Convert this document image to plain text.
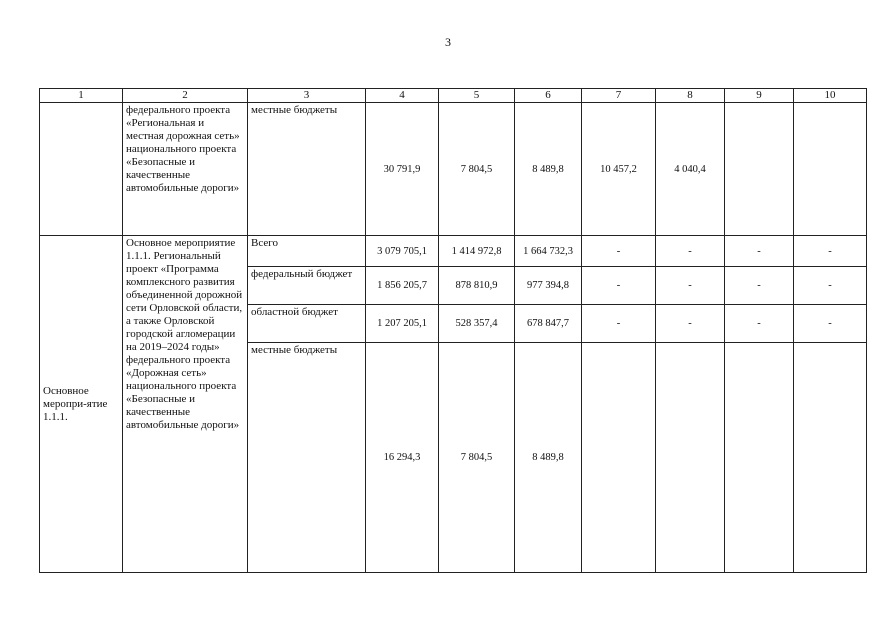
3
1	2	3	4	5	6	7	8	9	10
	федерального проекта «Региональная и местная дорожная сеть» национального проекта «Безопасные и качественные автомобильные дороги»	местные бюджеты	30 791,9	7 804,5	8 489,8	10 457,2	4 040,4		
Основное меропри-ятие 1.1.1.	Основное мероприятие 1.1.1. Региональный проект «Программа комплексного развития объединенной дорожной сети Орловской области, а также Орловской городской агломерации на 2019–2024 годы» федерального проекта «Дорожная сеть» национального проекта «Безопасные и качественные автомобильные дороги»	Всего	3 079 705,1	1 414 972,8	1 664 732,3	-	-	-	-
		федеральный бюджет	1 856 205,7	878 810,9	977 394,8	-	-	-	-
		областной бюджет	1 207 205,1	528 357,4	678 847,7	-	-	-	-
		местные бюджеты	16 294,3	7 804,5	8 489,8				
